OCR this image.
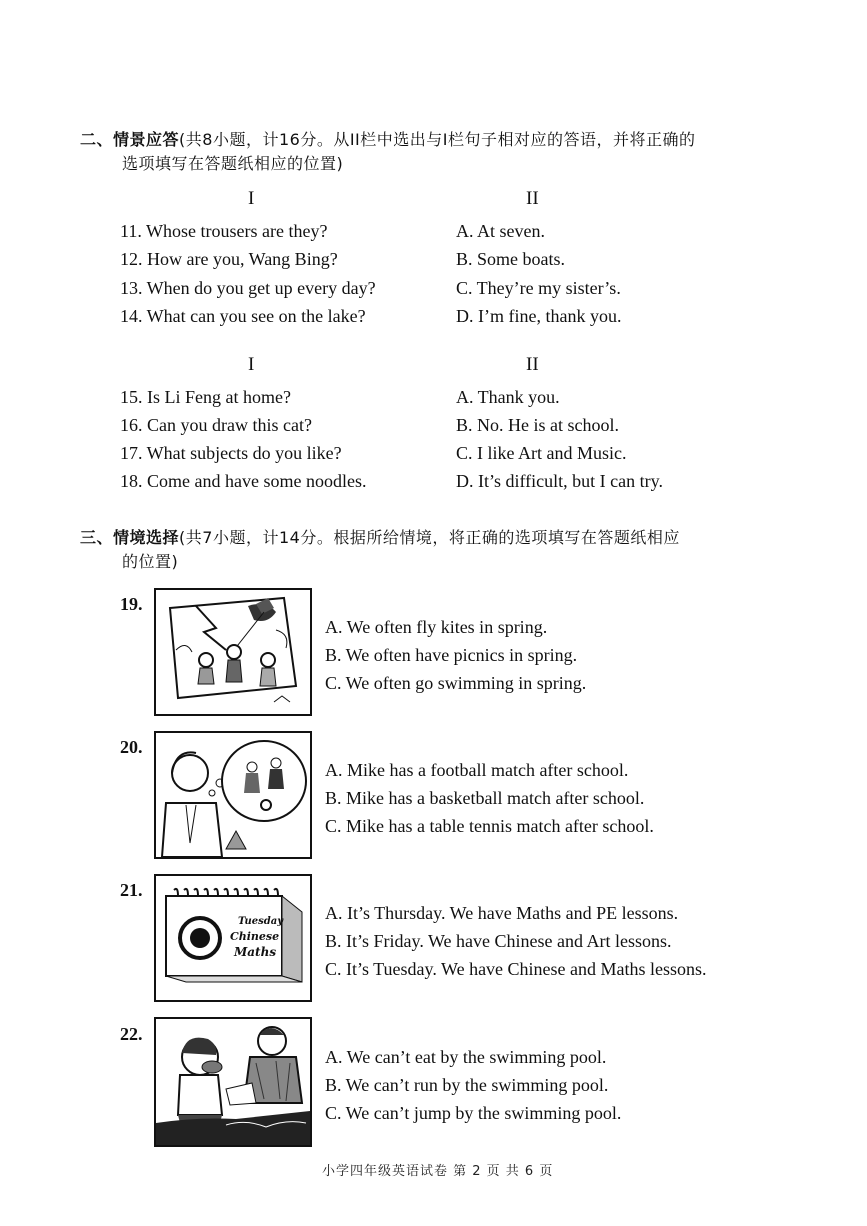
二、情景应答(共8小题，计16分。从II栏中选出与I栏句子相对应的答语，并将正确的
选项填写在答题纸相应的位置)
I	II
11. Whose trousers are they?
12. How are you, Wang Bing?
13. When do you get up every day?
14. What can you see on the lake?
A. At seven.
B. Some boats.
C. They’re my sister’s.
D. I’m fine, thank you.
I	II
15. Is Li Feng at home?
16. Can you draw this cat?
17. What subjects do you like?
18. Come and have some noodles.
A. Thank you.
B. No. He is at school.
C. I like Art and Music.
D. It’s difficult, but I can try.
三、情境选择(共7小题，计14分。根据所给情境，将正确的选项填写在答题纸相应
的位置)
19.
A. We often fly kites in spring.
B. We often have picnics in spring.
C. We often go swimming in spring.
20.
A. Mike has a football match after school.
B. Mike has a basketball match after school.
C. Mike has a table tennis match after school.
21.
Tuesday
Chinese
Maths
A. It’s Thursday. We have Maths and PE lessons.
B. It’s Friday. We have Chinese and Art lessons.
C. It’s Tuesday. We have Chinese and Maths lessons.
22.
A. We can’t eat by the swimming pool.
B. We can’t run by the swimming pool.
C. We can’t jump by the swimming pool.
小学四年级英语试卷 第 2 页 共 6 页
